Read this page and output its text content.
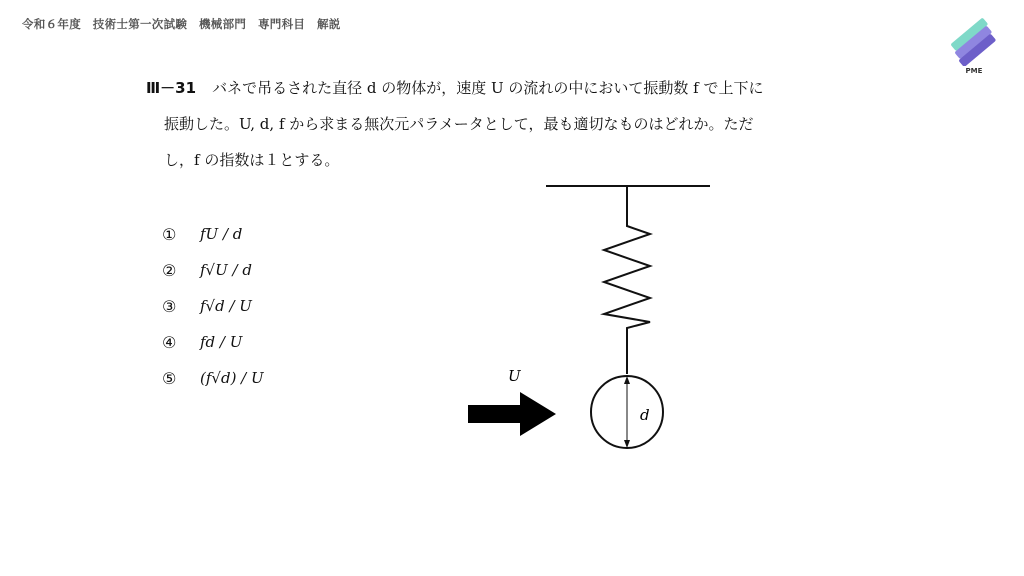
令和６年度　技術士第一次試験　機械部門　専門科目　解説
PME
Ⅲ－31 バネで吊るされた直径 d の物体が，速度 U の流れの中において振動数 f で上下に
振動した。U, d, f から求まる無次元パラメータとして，最も適切なものはどれか。ただ
し，f の指数は１とする。
①	fU / d
②	f√U / d
③	f√d / U
④	fd / U
⑤	(f√d) / U
d
U
